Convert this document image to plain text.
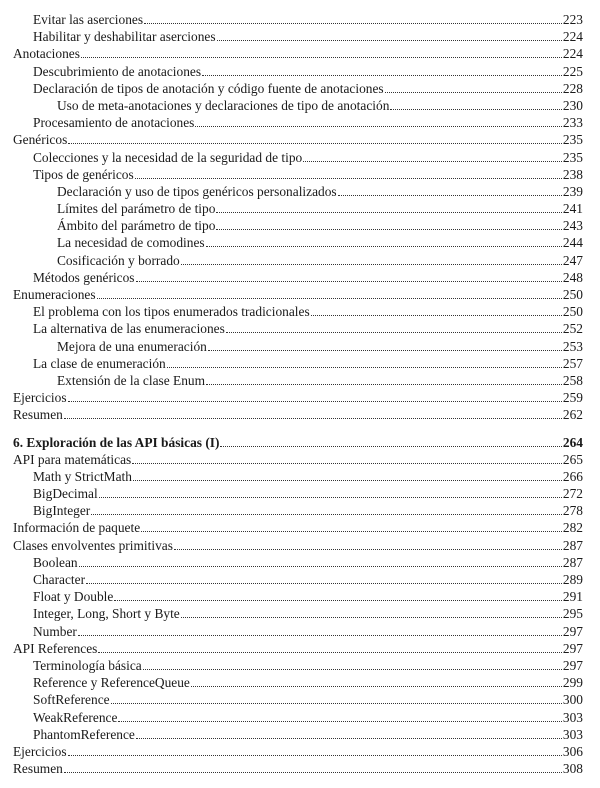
Evitar las aserciones	223
Habilitar y deshabilitar aserciones	224
Anotaciones	224
Descubrimiento de anotaciones	225
Declaración de tipos de anotación y código fuente de anotaciones	228
Uso de meta-anotaciones y declaraciones de tipo de anotación	230
Procesamiento de anotaciones	233
Genéricos	235
Colecciones y la necesidad de la seguridad de tipo	235
Tipos de genéricos	238
Declaración y uso de tipos genéricos personalizados	239
Límites del parámetro de tipo	241
Ámbito del parámetro de tipo	243
La necesidad de comodines	244
Cosificación y borrado	247
Métodos genéricos	248
Enumeraciones	250
El problema con los tipos enumerados tradicionales	250
La alternativa de las enumeraciones	252
Mejora de una enumeración	253
La clase de enumeración	257
Extensión de la clase Enum	258
Ejercicios	259
Resumen	262
6. Exploración de las API básicas (I)	264
API para matemáticas	265
Math y StrictMath	266
BigDecimal	272
BigInteger	278
Información de paquete	282
Clases envolventes primitivas	287
Boolean	287
Character	289
Float y Double	291
Integer, Long, Short y Byte	295
Number	297
API References	297
Terminología básica	297
Reference y ReferenceQueue	299
SoftReference	300
WeakReference	303
PhantomReference	303
Ejercicios	306
Resumen	308
